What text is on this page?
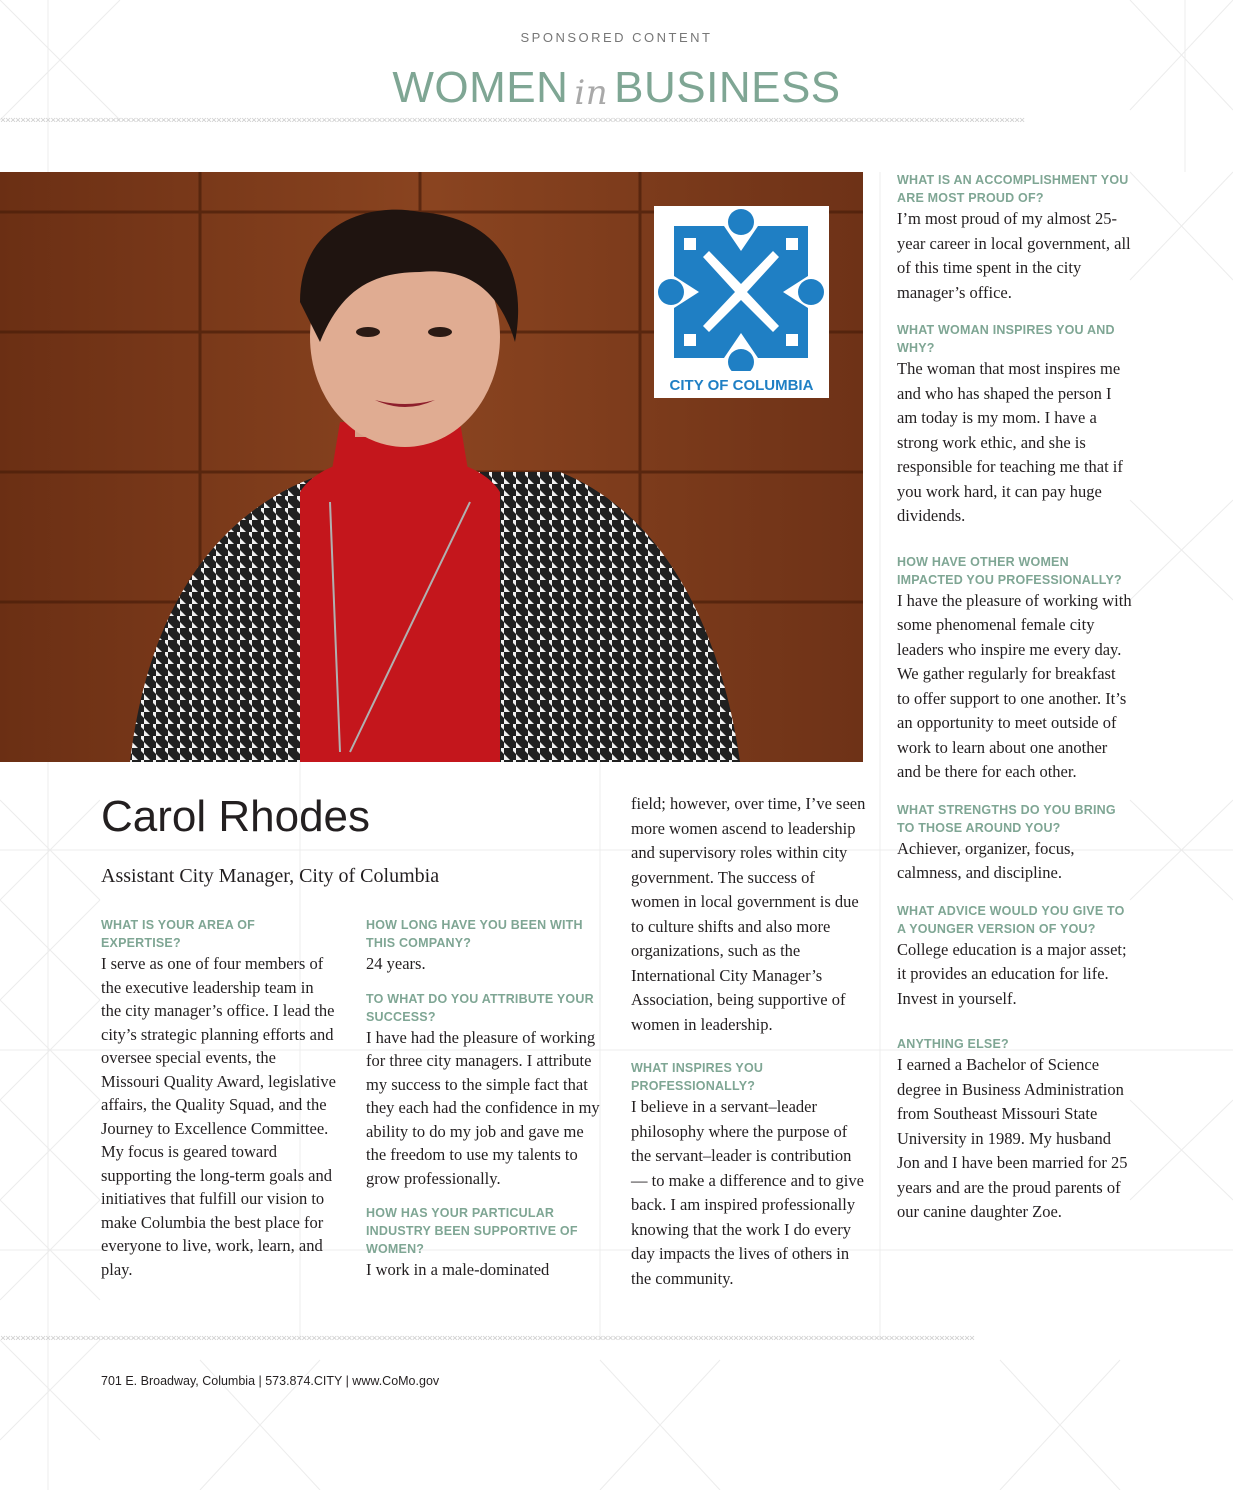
SPONSORED CONTENT
WOMEN in BUSINESS
××××××××××××××××××××××××××××××××××××××××××××××××××××××××××××××××××××××××××××××××××××××××××××××××××××××××××××××××××××××××××××××××××××××××××××××××××××××××××××××××××××××××××××××××××××××××××××××××××××××××××××
CITY OF COLUMBIA
Carol Rhodes
Assistant City Manager, City of Columbia

WHAT IS YOUR AREA OF EXPERTISE?

I serve as one of four members of the executive leadership team in the city manager’s office. I lead the city’s strategic planning efforts and oversee special events, the Missouri Quality Award, legislative affairs, the Quality Squad, and the Journey to Excellence Committee. My focus is geared toward supporting the long-term goals and initiatives that fulfill our vision to make Columbia the best place for everyone to live, work, learn, and play.

HOW LONG HAVE YOU BEEN WITH THIS COMPANY?

24 years.

TO WHAT DO YOU ATTRIBUTE YOUR SUCCESS?

I have had the pleasure of working for three city managers. I attribute my success to the simple fact that they each had the confidence in my ability to do my job and gave me the freedom to use my talents to grow professionally.

HOW HAS YOUR PARTICULAR INDUSTRY BEEN SUPPORTIVE OF WOMEN?

I work in a male-dominated

field; however, over time, I’ve seen more women ascend to leadership and supervisory roles within city government. The success of women in local government is due to culture shifts and also more organizations, such as the International City Manager’s Association, being supportive of women in leadership.

WHAT INSPIRES YOU PROFESSIONALLY?

I believe in a servant–leader philosophy where the purpose of the servant–leader is contribution — to make a difference and to give back. I am inspired professionally knowing that the work I do every day impacts the lives of others in the community.

WHAT IS AN ACCOMPLISHMENT YOU ARE MOST PROUD OF?

I’m most proud of my almost 25-year career in local government, all of this time spent in the city manager’s office.

WHAT WOMAN INSPIRES YOU AND WHY?

The woman that most inspires me and who has shaped the person I am today is my mom. I have a strong work ethic, and she is responsible for teaching me that if you work hard, it can pay huge dividends.

HOW HAVE OTHER WOMEN IMPACTED YOU PROFESSIONALLY?

I have the pleasure of working with some phenomenal female city leaders who inspire me every day. We gather regularly for breakfast to offer support to one another. It’s an opportunity to meet outside of work to learn about one another and be there for each other.

WHAT STRENGTHS DO YOU BRING TO THOSE AROUND YOU?

Achiever, organizer, focus, calmness, and discipline.

WHAT ADVICE WOULD YOU GIVE TO A YOUNGER VERSION OF YOU?

College education is a major asset; it provides an education for life. Invest in yourself.

ANYTHING ELSE?

I earned a Bachelor of Science degree in Business Administration from Southeast Missouri State University in 1989. My husband Jon and I have been married for 25 years and are the proud parents of our canine daughter Zoe.

××××××××××××××××××××××××××××××××××××××××××××××××××××××××××××××××××××××××××××××××××××××××××××××××××××××××××××××××××××××××××××××××××××××××××××××××××××××××××××××××××××××××××××××××××××××××××××××××××
701 E. Broadway, Columbia | 573.874.CITY | www.CoMo.gov
